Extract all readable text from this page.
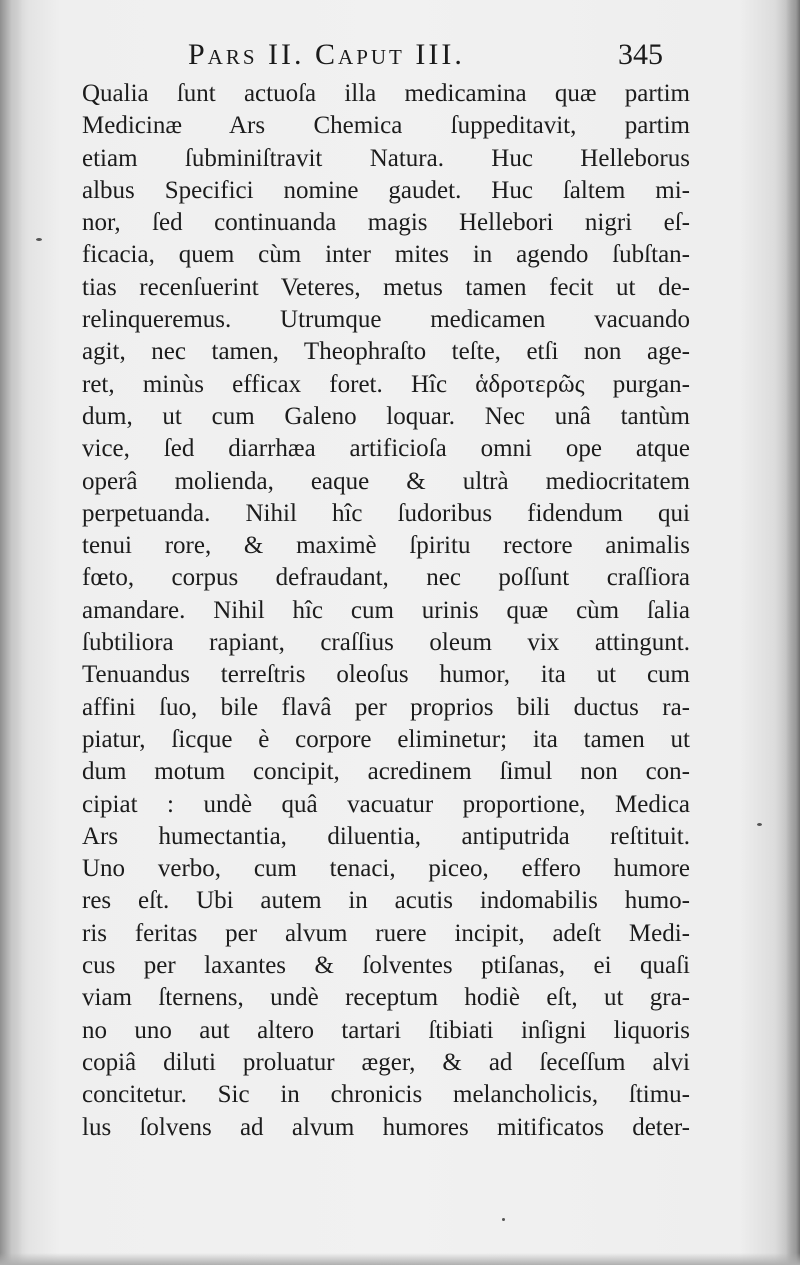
Pars II. Caput III.	345
Qualia ſunt actuoſa illa medicamina quæ partim
Medicinæ Ars Chemica ſuppeditavit, partim
etiam ſubminiſtravit Natura. Huc Helleborus
albus Specifici nomine gaudet. Huc ſaltem mi-
nor, ſed continuanda magis Hellebori nigri eſ-
ficacia, quem cùm inter mites in agendo ſubſtan-
tias recenſuerint Veteres, metus tamen fecit ut de-
relinqueremus. Utrumque medicamen vacuando
agit, nec tamen, Theophraſto teſte, etſi non age-
ret, minùs efficax foret. Hîc ἁδροτερῶς purgan-
dum, ut cum Galeno loquar. Nec unâ tantùm
vice, ſed diarrhæa artificioſa omni ope atque
operâ molienda, eaque & ultrà mediocritatem
perpetuanda. Nihil hîc ſudoribus fidendum qui
tenui rore, & maximè ſpiritu rectore animalis
fœto, corpus defraudant, nec poſſunt craſſiora
amandare. Nihil hîc cum urinis quæ cùm ſalia
ſubtiliora rapiant, craſſius oleum vix attingunt.
Tenuandus terreſtris oleoſus humor, ita ut cum
affini ſuo, bile flavâ per proprios bili ductus ra-
piatur, ſicque è corpore eliminetur; ita tamen ut
dum motum concipit, acredinem ſimul non con-
cipiat : undè quâ vacuatur proportione, Medica
Ars humectantia, diluentia, antiputrida reſtituit.
Uno verbo, cum tenaci, piceo, effero humore
res eſt. Ubi autem in acutis indomabilis humo-
ris feritas per alvum ruere incipit, adeſt Medi-
cus per laxantes & ſolventes ptiſanas, ei quaſi
viam ſternens, undè receptum hodiè eſt, ut gra-
no uno aut altero tartari ſtibiati inſigni liquoris
copiâ diluti proluatur æger, & ad ſeceſſum alvi
concitetur. Sic in chronicis melancholicis, ſtimu-
lus ſolvens ad alvum humores mitificatos deter-
